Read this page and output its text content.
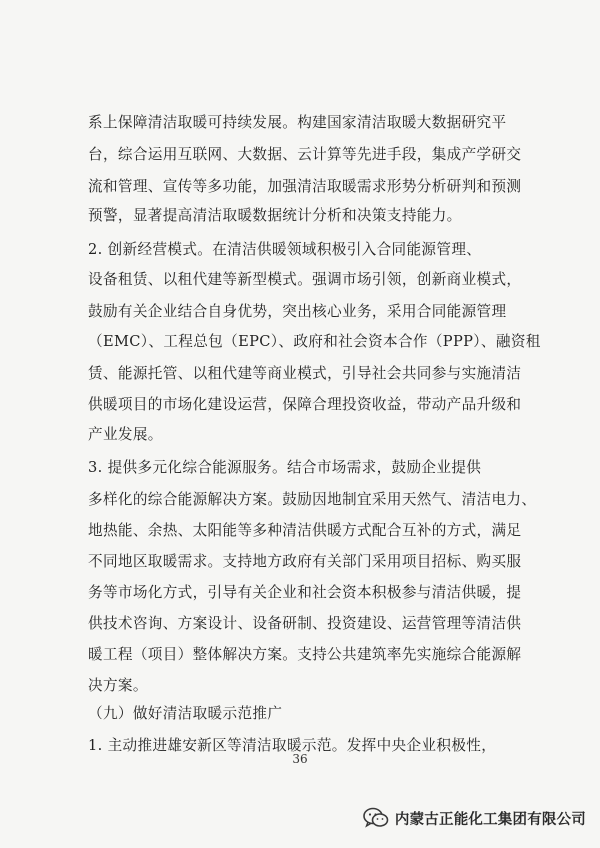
系上保障清洁取暖可持续发展。构建国家清洁取暖大数据研究平
台，综合运用互联网、大数据、云计算等先进手段，集成产学研交
流和管理、宣传等多功能，加强清洁取暖需求形势分析研判和预测
预警，显著提高清洁取暖数据统计分析和决策支持能力。
2. 创新经营模式。在清洁供暖领域积极引入合同能源管理、
设备租赁、以租代建等新型模式。强调市场引领，创新商业模式，
鼓励有关企业结合自身优势，突出核心业务，采用合同能源管理
（EMC）、工程总包（EPC）、政府和社会资本合作（PPP）、融资租
赁、能源托管、以租代建等商业模式，引导社会共同参与实施清洁
供暖项目的市场化建设运营，保障合理投资收益，带动产品升级和
产业发展。
3. 提供多元化综合能源服务。结合市场需求，鼓励企业提供
多样化的综合能源解决方案。鼓励因地制宜采用天然气、清洁电力、
地热能、余热、太阳能等多种清洁供暖方式配合互补的方式，满足
不同地区取暖需求。支持地方政府有关部门采用项目招标、购买服
务等市场化方式，引导有关企业和社会资本积极参与清洁供暖，提
供技术咨询、方案设计、设备研制、投资建设、运营管理等清洁供
暖工程（项目）整体解决方案。支持公共建筑率先实施综合能源解
决方案。
（九）做好清洁取暖示范推广
1. 主动推进雄安新区等清洁取暖示范。发挥中央企业积极性，
36
内蒙古正能化工集团有限公司
